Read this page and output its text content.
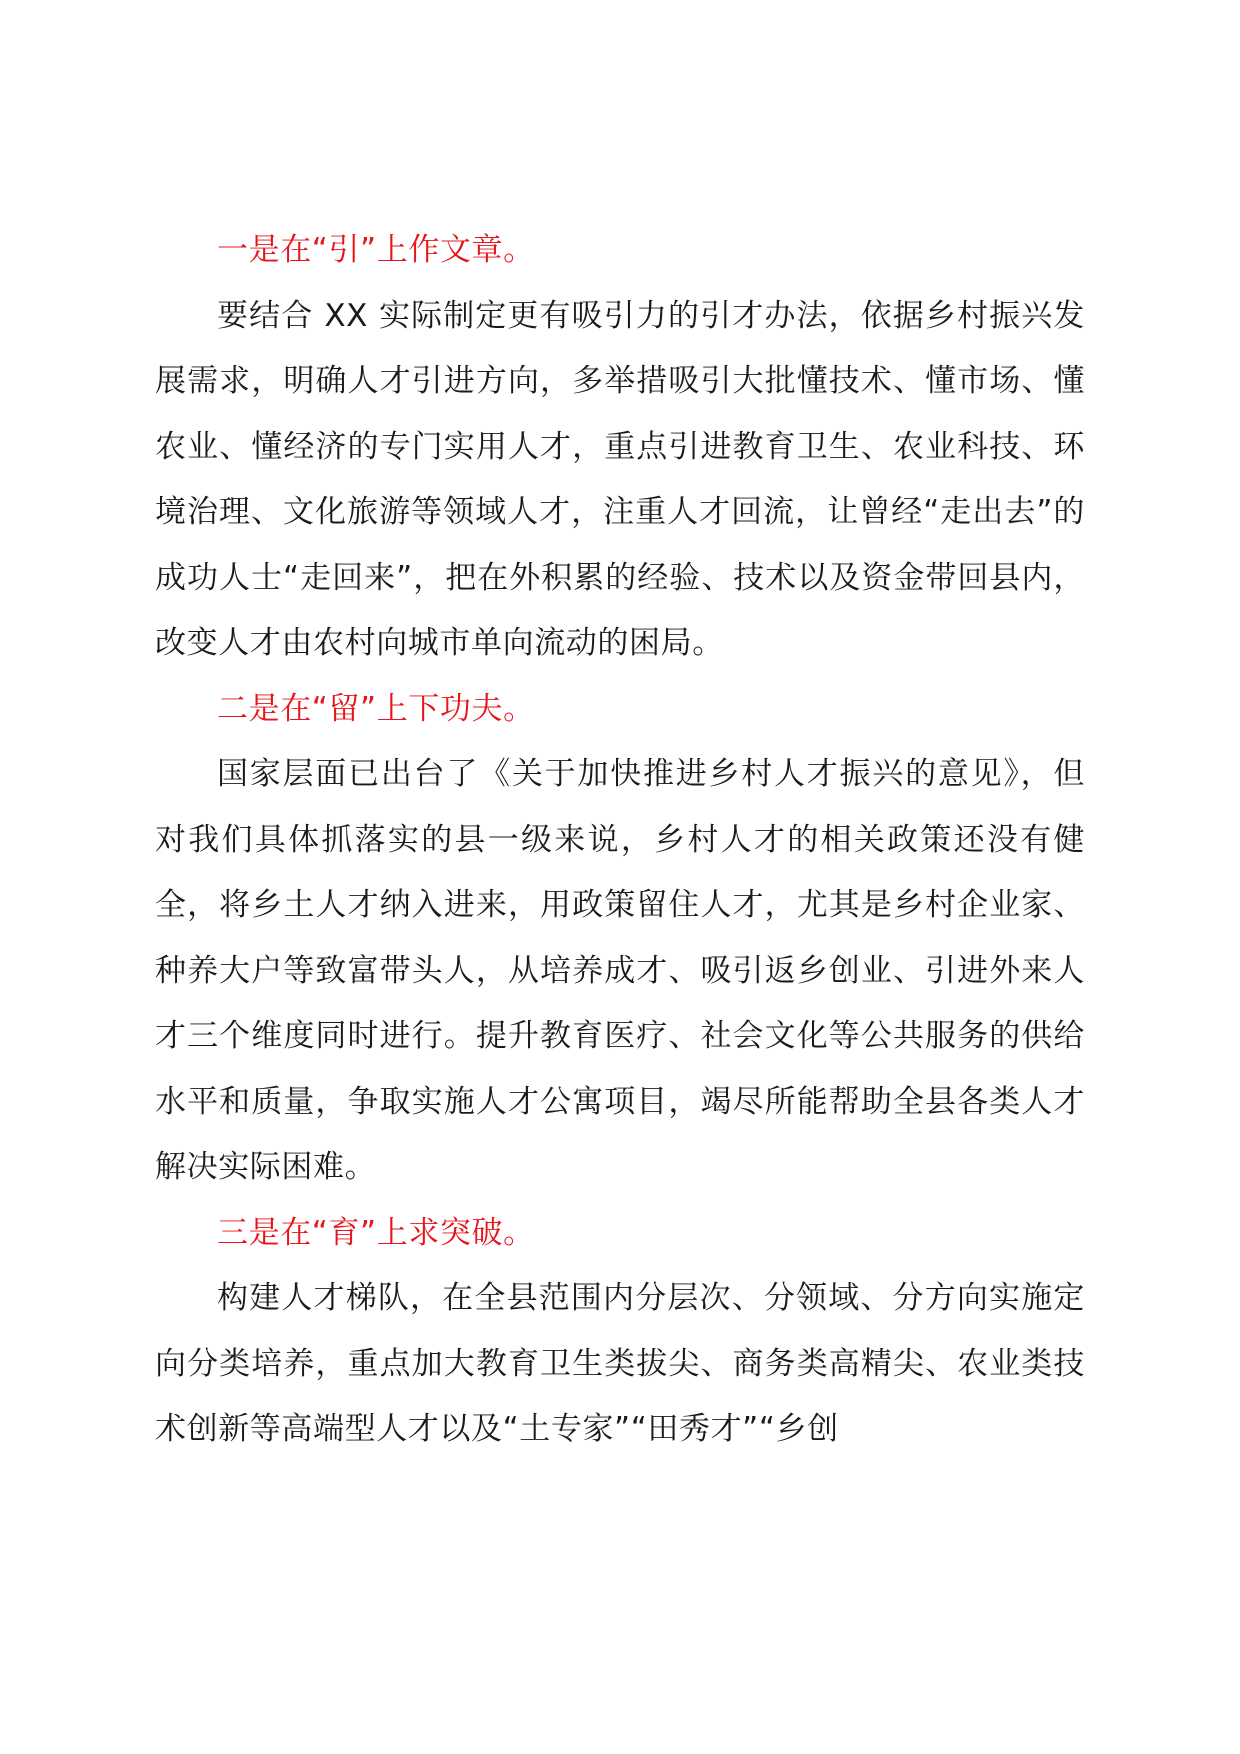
一是在“引”上作文章。

要结合 XX 实际制定更有吸引力的引才办法，依据乡村振兴发展需求，明确人才引进方向，多举措吸引大批懂技术、懂市场、懂农业、懂经济的专门实用人才，重点引进教育卫生、农业科技、环境治理、文化旅游等领域人才，注重人才回流，让曾经“走出去”的成功人士“走回来”，把在外积累的经验、技术以及资金带回县内，改变人才由农村向城市单向流动的困局。

二是在“留”上下功夫。

国家层面已出台了《关于加快推进乡村人才振兴的意见》，但对我们具体抓落实的县一级来说，乡村人才的相关政策还没有健全，将乡土人才纳入进来，用政策留住人才，尤其是乡村企业家、种养大户等致富带头人，从培养成才、吸引返乡创业、引进外来人才三个维度同时进行。提升教育医疗、社会文化等公共服务的供给水平和质量，争取实施人才公寓项目，竭尽所能帮助全县各类人才解决实际困难。

三是在“育”上求突破。

构建人才梯队，在全县范围内分层次、分领域、分方向实施定向分类培养，重点加大教育卫生类拔尖、商务类高精尖、农业类技术创新等高端型人才以及“土专家”“田秀才”“乡创
